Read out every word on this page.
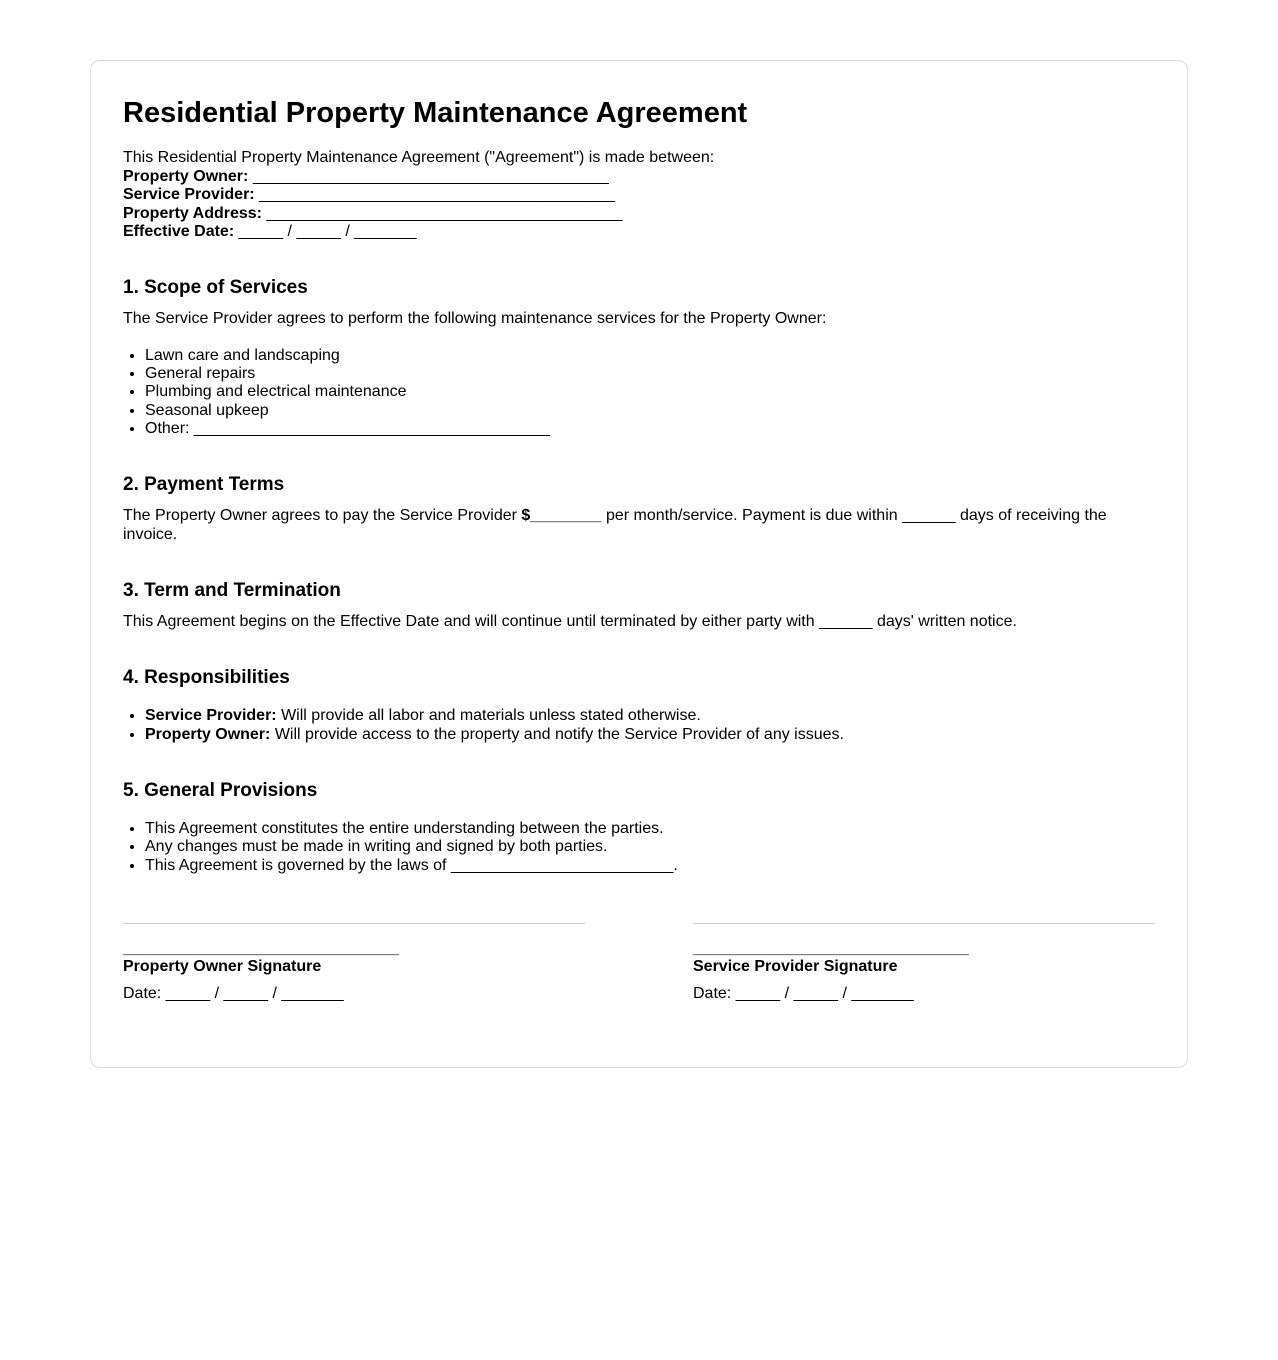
Residential Property Maintenance Agreement

This Residential Property Maintenance Agreement ("Agreement") is made between:
Property Owner: ________________________________________
Service Provider: ________________________________________
Property Address: ________________________________________
Effective Date: _____ / _____ / _______

1. Scope of Services

The Service Provider agrees to perform the following maintenance services for the Property Owner:

• Lawn care and landscaping
• General repairs
• Plumbing and electrical maintenance
• Seasonal upkeep
• Other: ________________________________________
2. Payment Terms

The Property Owner agrees to pay the Service Provider $________ per month/service. Payment is due within ______ days of receiving the invoice.

3. Term and Termination

This Agreement begins on the Effective Date and will continue until terminated by either party with ______ days' written notice.

4. Responsibilities
• Service Provider: Will provide all labor and materials unless stated otherwise.
• Property Owner: Will provide access to the property and notify the Service Provider of any issues.
5. General Provisions
• This Agreement constitutes the entire understanding between the parties.
• Any changes must be made in writing and signed by both parties.
• This Agreement is governed by the laws of _________________________.

_______________________________
Property Owner Signature

Date: _____ / _____ / _______

_______________________________
Service Provider Signature

Date: _____ / _____ / _______
